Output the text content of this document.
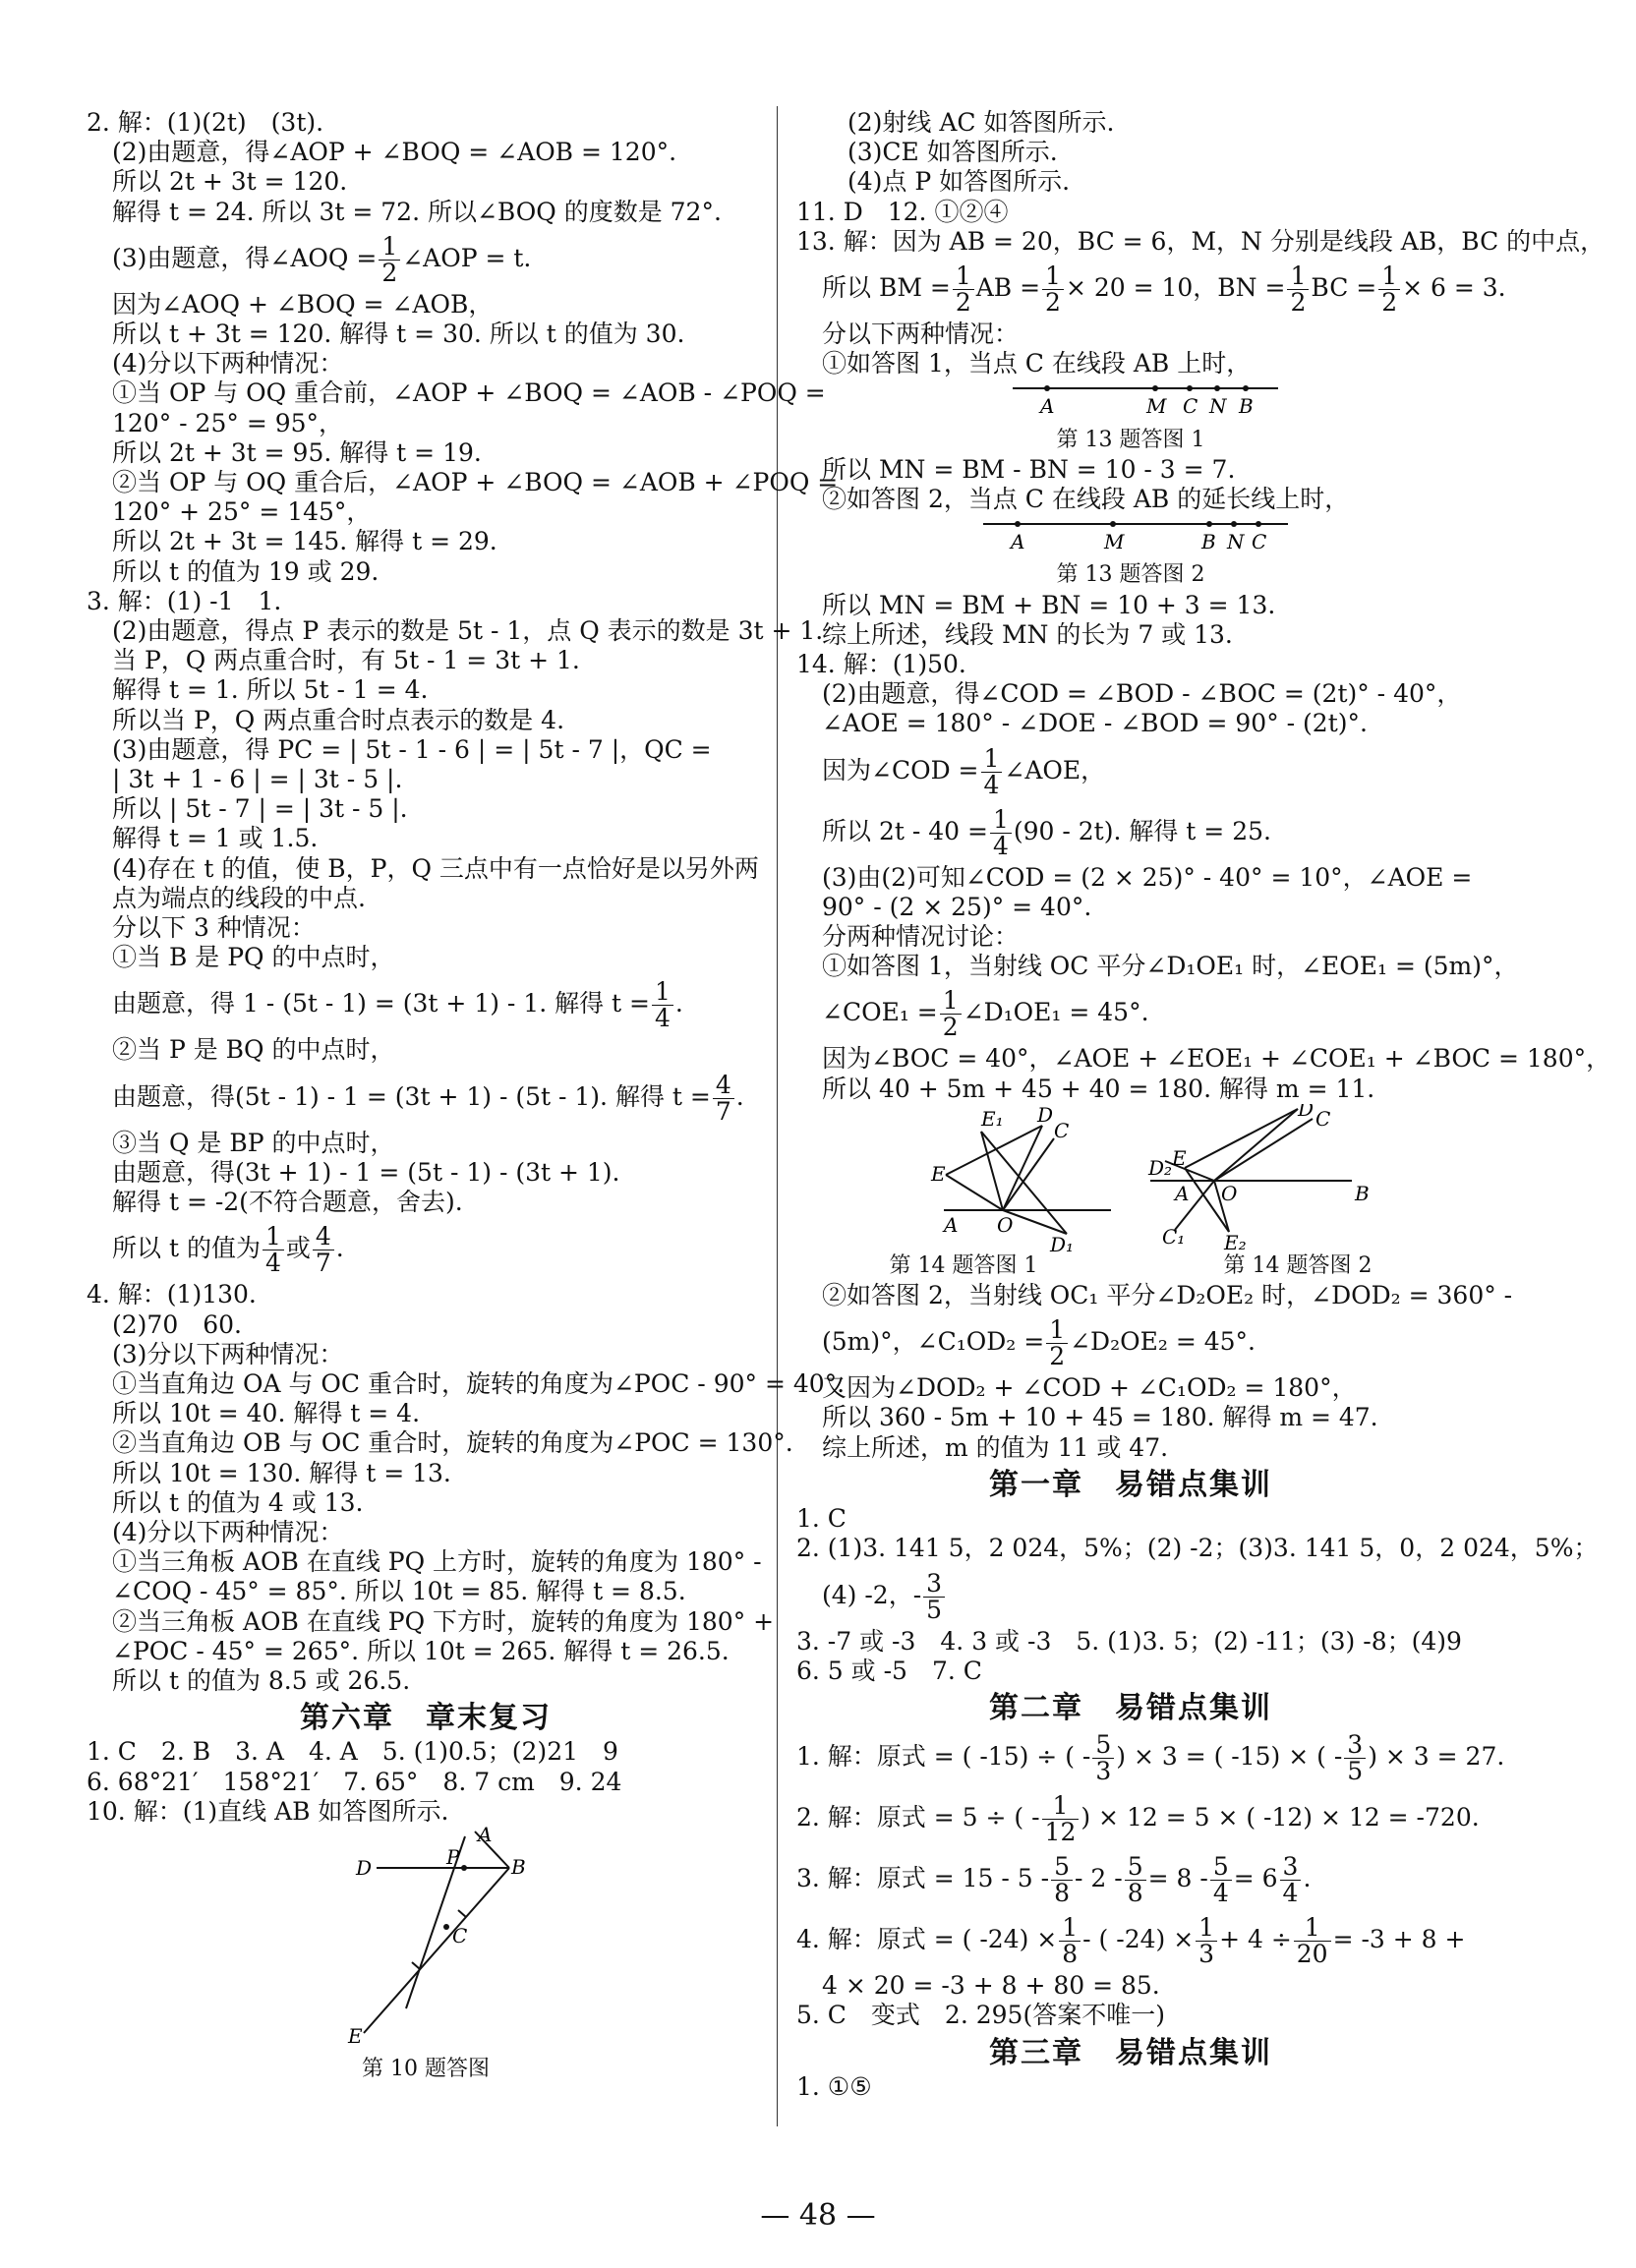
2. 解：(1)(2t)　(3t).
(2)由题意，得∠AOP + ∠BOQ = ∠AOB = 120°.
所以 2t + 3t = 120.
解得 t = 24. 所以 3t = 72. 所以∠BOQ 的度数是 72°.
(3)由题意，得∠AOQ = $\frac{1}{2}$ ∠AOP = t.
因为∠AOQ + ∠BOQ = ∠AOB，
所以 t + 3t = 120. 解得 t = 30. 所以 t 的值为 30.
(4)分以下两种情况：
①当 OP 与 OQ 重合前，∠AOP + ∠BOQ = ∠AOB - ∠POQ =
120° - 25° = 95°，
所以 2t + 3t = 95. 解得 t = 19.
②当 OP 与 OQ 重合后，∠AOP + ∠BOQ = ∠AOB + ∠POQ =
120° + 25° = 145°，
所以 2t + 3t = 145. 解得 t = 29.
所以 t 的值为 19 或 29.
3. 解：(1) -1　1.
(2)由题意，得点 P 表示的数是 5t - 1，点 Q 表示的数是 3t + 1.
当 P，Q 两点重合时，有 5t - 1 = 3t + 1.
解得 t = 1. 所以 5t - 1 = 4.
所以当 P，Q 两点重合时点表示的数是 4.
(3)由题意，得 PC = | 5t - 1 - 6 | = | 5t - 7 |，QC =
| 3t + 1 - 6 | = | 3t - 5 |.
所以 | 5t - 7 | = | 3t - 5 |.
解得 t = 1 或 1.5.
(4)存在 t 的值，使 B，P，Q 三点中有一点恰好是以另外两
点为端点的线段的中点.
分以下 3 种情况：
①当 B 是 PQ 的中点时，
由题意，得 1 - (5t - 1) = (3t + 1) - 1. 解得 $t = \frac{1}{4}$ .
②当 P 是 BQ 的中点时，
由题意，得(5t - 1) - 1 = (3t + 1) - (5t - 1). 解得 $t = \frac{4}{7}$ .
③当 Q 是 BP 的中点时，
由题意，得(3t + 1) - 1 = (5t - 1) - (3t + 1).
解得 t = -2(不符合题意，舍去).
所以 t 的值为 $\frac{1}{4}$ 或 $\frac{4}{7}$ .
4. 解：(1)130.
(2)70　60.
(3)分以下两种情况：
①当直角边 OA 与 OC 重合时，旋转的角度为∠POC - 90° = 40°.
所以 10t = 40. 解得 t = 4.
②当直角边 OB 与 OC 重合时，旋转的角度为∠POC = 130°.
所以 10t = 130. 解得 t = 13.
所以 t 的值为 4 或 13.
(4)分以下两种情况：
①当三角板 AOB 在直线 PQ 上方时，旋转的角度为 180° -
∠COQ - 45° = 85°. 所以 10t = 85. 解得 t = 8.5.
②当三角板 AOB 在直线 PQ 下方时，旋转的角度为 180° +
∠POC - 45° = 265°. 所以 10t = 265. 解得 t = 26.5.
所以 t 的值为 8.5 或 26.5.
第六章　章末复习
1. C　2. B　3. A　4. A　5. (1)0.5；(2)21　9
6. 68°21′　158°21′　7. 65°　8. 7 cm　9. 24
10. 解：(1)直线 AB 如答图所示.
A
P	B
D
C
E
第 10 题答图
(2)射线 AC 如答图所示.
(3)CE 如答图所示.
(4)点 P 如答图所示.
11. D　12. ①②④
13. 解：因为 AB = 20，BC = 6，M，N 分别是线段 AB，BC 的中点，
所以 BM = $\frac{1}{2}$ AB = $\frac{1}{2} \times 20 = 10$，BN = $\frac{1}{2}$ BC = $\frac{1}{2} \times 6 = 3$.
分以下两种情况：
①如答图 1，当点 C 在线段 AB 上时，
A	M C N B
第 13 题答图 1
所以 MN = BM - BN = 10 - 3 = 7.
②如答图 2，当点 C 在线段 AB 的延长线上时，
A	M	B N C
第 13 题答图 2
所以 MN = BM + BN = 10 + 3 = 13.
综上所述，线段 MN 的长为 7 或 13.
14. 解：(1)50.
(2)由题意，得∠COD = ∠BOD - ∠BOC = (2t)° - 40°，
∠AOE = 180° - ∠DOE - ∠BOD = 90° - (2t)°.
因为∠COD = $\frac{1}{4}$ ∠AOE，
所以 $2t - 40 = \frac{1}{4} (90 - 2t)$. 解得 t = 25.
(3)由(2)可知∠COD = (2 × 25)° - 40° = 10°，∠AOE =
90° - (2 × 25)° = 40°.
分两种情况讨论：
①如答图 1，当射线 OC 平分∠D₁OE₁ 时，∠EOE₁ = (5m)°，
∠COE₁ = $\frac{1}{2}$ ∠D₁OE₁ = 45°.
因为∠BOC = 40°，∠AOE + ∠EOE₁ + ∠COE₁ + ∠BOC = 180°，
所以 40 + 5m + 45 + 40 = 180. 解得 m = 11.
E₁ D
C
E
A O
D₁
D C
E
D₂
A O	B
C₁ E₂
第 14 题答图 1	第 14 题答图 2
②如答图 2，当射线 OC₁ 平分∠D₂OE₂ 时，∠DOD₂ = 360° -
(5m)°，∠C₁OD₂ = $\frac{1}{2}$ ∠D₂OE₂ = 45°.
又因为∠DOD₂ + ∠COD + ∠C₁OD₂ = 180°，
所以 360 - 5m + 10 + 45 = 180. 解得 m = 47.
综上所述，m 的值为 11 或 47.
第一章　易错点集训
1. C
2. (1)3. 141 5，2 024，5%；(2) -2；(3)3. 141 5，0，2 024，5%；
(4) -2，- $\frac{3}{5}$
3. -7 或 -3　4. 3 或 -3　5. (1)3. 5；(2) -11；(3) -8；(4)9
6. 5 或 -5　7. C
第二章　易错点集训
1. 解：原式 = ( -15) ÷ ( - $\frac{5}{3}$ ) × 3 = ( -15) × ( - $\frac{3}{5}$ ) × 3 = 27.
2. 解：原式 = 5 ÷ ( - $\frac{1}{12}$ ) × 12 = 5 × ( -12) × 12 = -720.
3. 解：原式 = $15 - 5 - \frac{5}{8} - 2 - \frac{5}{8} = 8 - \frac{5}{4} = 6 \frac{3}{4}$ .
4. 解：原式 = ( $-24) \times \frac{1}{8}$ - ( $-24) \times \frac{1}{3} + 4 \div \frac{1}{20} = -3 + 8$ +
4 × 20 = -3 + 8 + 80 = 85.
5. C　变式　2. 295(答案不唯一)
第三章　易错点集训
1. ①⑤
— 48 —
